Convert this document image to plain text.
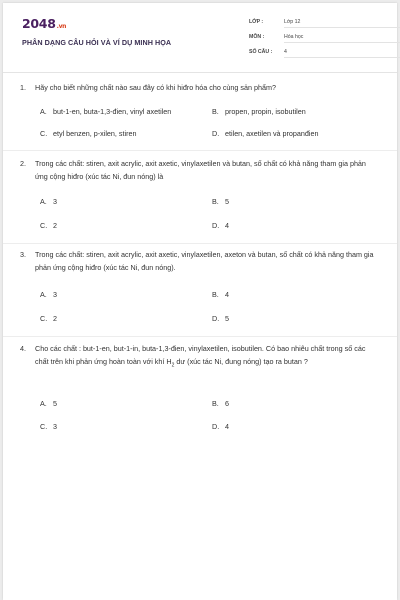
2048.vn
PHÂN DẠNG CÂU HỎI VÀ VÍ DỤ MINH HỌA
LỚP :	Lớp 12
MÔN :	Hóa học
SỐ CÂU :	4
1. Hãy cho biết những chất nào sau đây có khi hiđro hóa cho cùng sản phẩm?
A. but-1-en, buta-1,3-đien, vinyl axetilen	B. propen, propin, isobutilen
C. etyl benzen, p-xilen, stiren	D. etilen, axetilen và propanđien
2. Trong các chất: stiren, axit acrylic, axit axetic, vinylaxetilen và butan, số chất có khả năng tham gia phản ứng cộng hiđro (xúc tác Ni, đun nóng) là
A. 3	B. 5
C. 2	D. 4
3. Trong các chất: stiren, axit acrylic, axit axetic, vinylaxetilen, axeton và butan, số chất có khả năng tham gia phản ứng cộng hiđro (xúc tác Ni, đun nóng).
A. 3	B. 4
C. 2	D. 5
4. Cho các chất : but-1-en, but-1-in, buta-1,3-đien, vinylaxetilen, isobutilen. Có bao nhiêu chất trong số các chất trên khi phản ứng hoàn toàn với khí $H_2$ dư (xúc tác Ni, đung nóng) tạo ra butan ?
A. 5	B. 6
C. 3	D. 4
